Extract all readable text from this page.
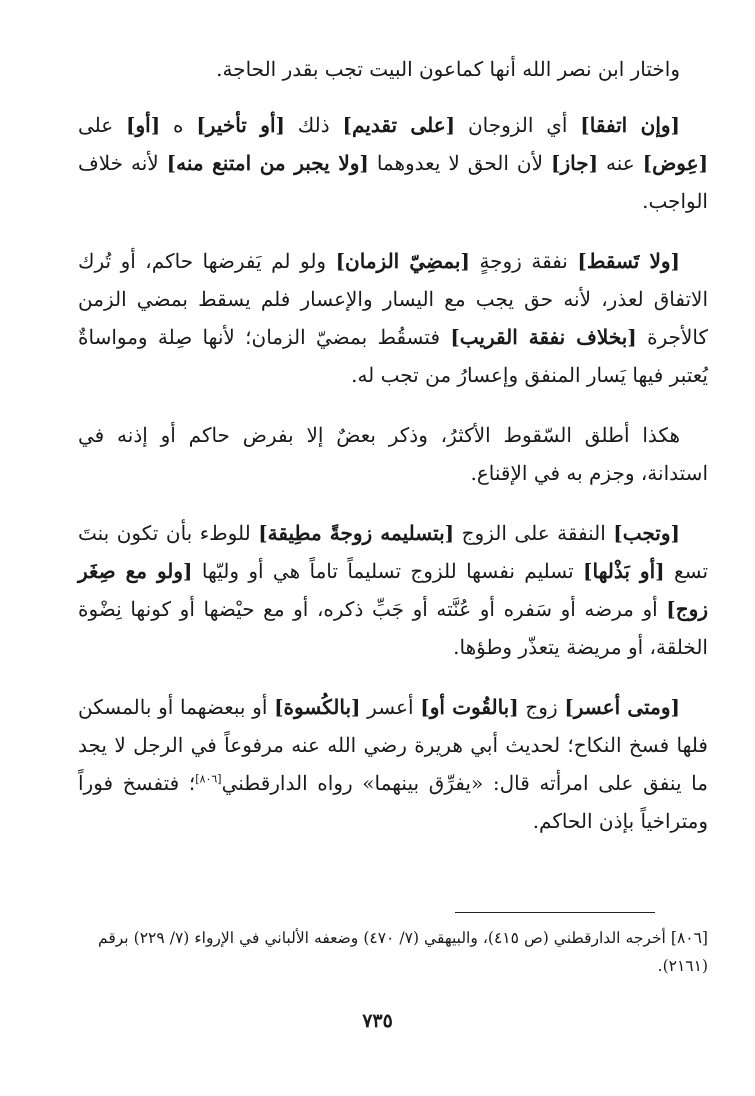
واختار ابن نصر الله أنها كماعون البيت تجب بقدر الحاجة.

[وإن اتفقا] أي الزوجان [على تقديم] ذلك [أو تأخير] ه [أو] على [عِوض] عنه [جاز] لأن الحق لا يعدوهما [ولا يجبر من امتنع منه] لأنه خلاف الواجب.

[ولا تَسقط] نفقة زوجةٍ [بمضِيّ الزمان] ولو لم يَفرضها حاكم، أو تُرك الاتفاق لعذر، لأنه حق يجب مع اليسار والإعسار فلم يسقط بمضي الزمن كالأجرة [بخلاف نفقة القريب] فتسقُط بمضيّ الزمان؛ لأنها صِلة ومواساةٌ يُعتبر فيها يَسار المنفق وإعسارُ من تجب له.

هكذا أطلق السّقوط الأكثرُ، وذكر بعضٌ إلا بفرض حاكم أو إذنه في استدانة، وجزم به في الإقناع.

[وتجب] النفقة على الزوج [بتسليمه زوجةً مطِيقة] للوطء بأن تكون بنتَ تسع [أو بَذْلها] تسليم نفسها للزوج تسليماً تاماً هي أو وليّها [ولو مع صِغَر زوج] أو مرضه أو سَفره أو عُنَّته أو جَبِّ ذكره، أو مع حيْضها أو كونها نِضْوة الخلقة، أو مريضة يتعذّر وطؤها.

[ومتى أعسر] زوج [بالقُوت أو] أعسر [بالكُسوة] أو ببعضهما أو بالمسكن فلها فسخ النكاح؛ لحديث أبي هريرة رضي الله عنه مرفوعاً في الرجل لا يجد ما ينفق على امرأته قال: «يفرِّق بينهما» رواه الدارقطني[٨٠٦]؛ فتفسخ فوراً ومتراخياً بإذن الحاكم.

[٨٠٦] أخرجه الدارقطني (ص ٤١٥)، والبيهقي (٧/ ٤٧٠) وضعفه الألباني في الإرواء (٧/ ٢٢٩) برقم (٢١٦١).
٧٣٥
